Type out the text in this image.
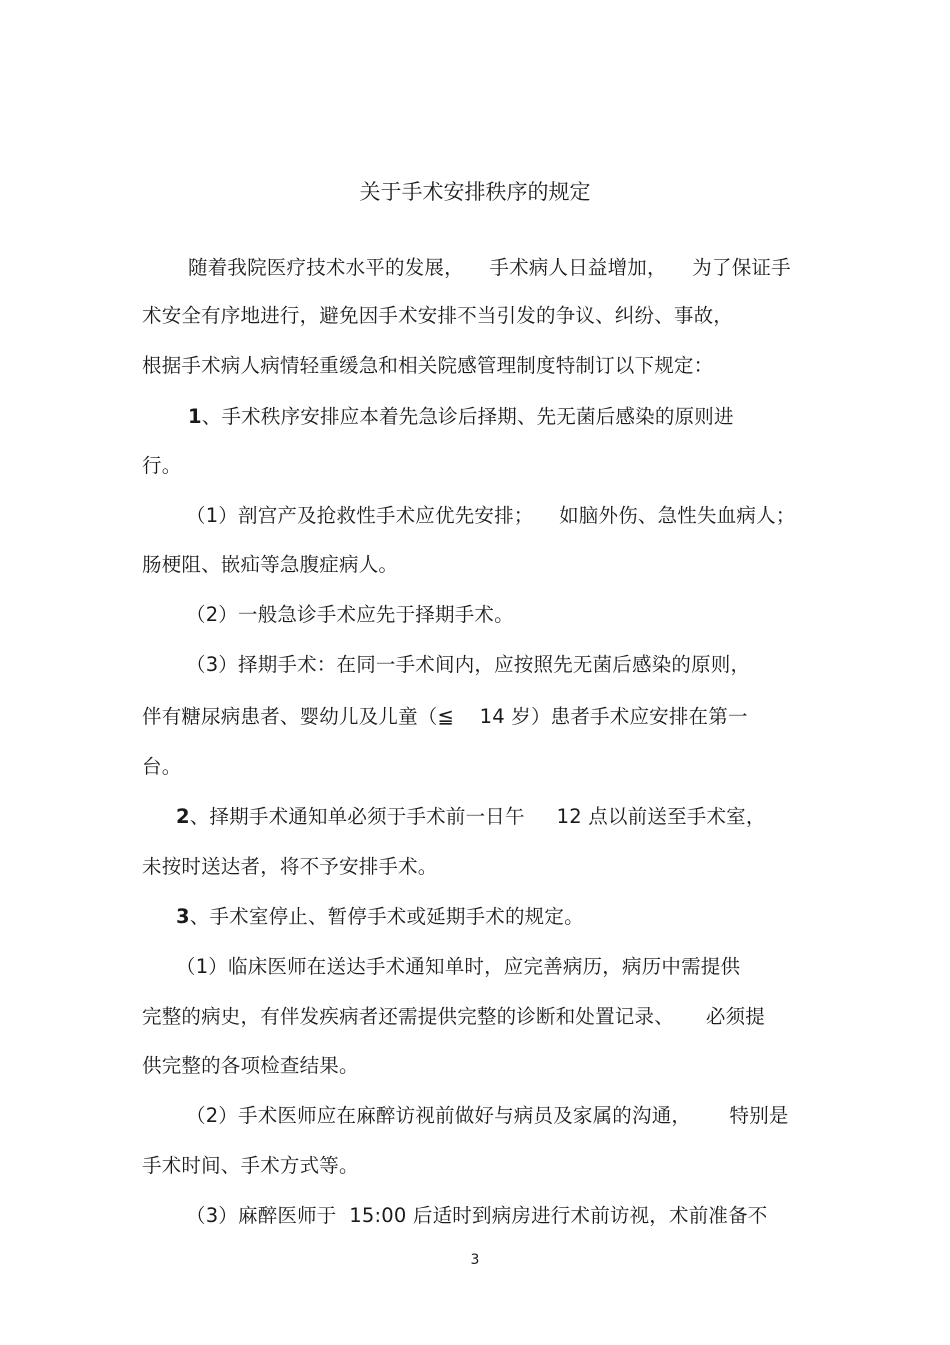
关于手术安排秩序的规定
随着我院医疗技术水平的发展，    手术病人日益增加，    为了保证手
术安全有序地进行，避免因手术安排不当引发的争议、纠纷、事故，
根据手术病人病情轻重缓急和相关院感管理制度特制订以下规定：
1、手术秩序安排应本着先急诊后择期、先无菌后感染的原则进
行。
（1）剖宫产及抢救性手术应优先安排；    如脑外伤、急性失血病人；
肠梗阻、嵌疝等急腹症病人。
（2）一般急诊手术应先于择期手术。
（3）择期手术：在同一手术间内，应按照先无菌后感染的原则，
伴有糖尿病患者、婴幼儿及儿童（≦    14 岁）患者手术应安排在第一
台。
2、择期手术通知单必须于手术前一日午     12 点以前送至手术室，
未按时送达者，将不予安排手术。
3、手术室停止、暂停手术或延期手术的规定。
（1）临床医师在送达手术通知单时，应完善病历，病历中需提供
完整的病史，有伴发疾病者还需提供完整的诊断和处置记录、     必须提
供完整的各项检查结果。
（2）手术医师应在麻醉访视前做好与病员及家属的沟通，      特别是
手术时间、手术方式等。
（3）麻醉医师于  15:00 后适时到病房进行术前访视，术前准备不
3
